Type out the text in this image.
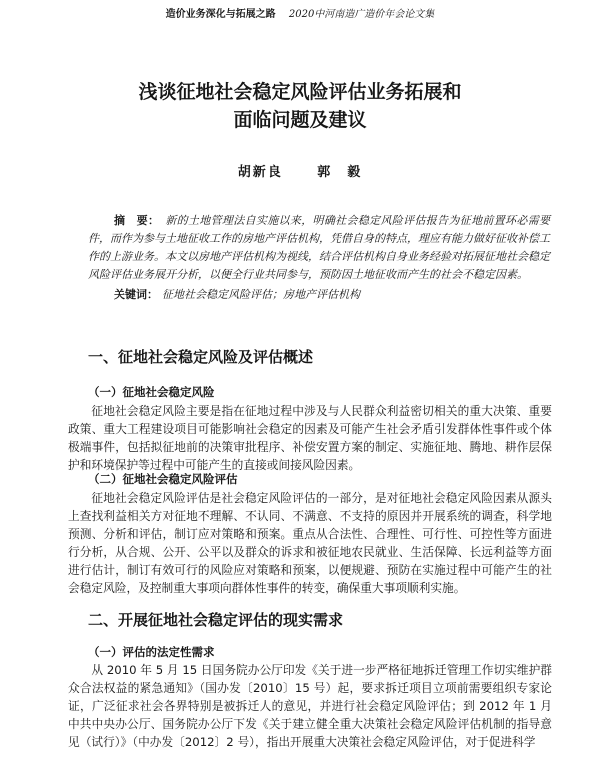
造价业务深化与拓展之路 2020中河南造广造价年会论文集
浅谈征地社会稳定风险评估业务拓展和
面临问题及建议
胡新良	郭　毅
摘　要： 新的土地管理法自实施以来，明确社会稳定风险评估报告为征地前置环必需要件，而作为参与土地征收工作的房地产评估机构，凭借自身的特点，理应有能力做好征收补偿工作的上游业务。本文以房地产评估机构为视线，结合评估机构自身业务经验对拓展征地社会稳定风险评估业务展开分析，以便全行业共同参与，预防因土地征收而产生的社会不稳定因素。
关键词： 征地社会稳定风险评估；房地产评估机构
一、征地社会稳定风险及评估概述
（一）征地社会稳定风险
征地社会稳定风险主要是指在征地过程中涉及与人民群众利益密切相关的重大决策、重要政策、重大工程建设项目可能影响社会稳定的因素及可能产生社会矛盾引发群体性事件或个体极端事件，包括拟征地前的决策审批程序、补偿安置方案的制定、实施征地、腾地、耕作层保护和环境保护等过程中可能产生的直接或间接风险因素。
（二）征地社会稳定风险评估
征地社会稳定风险评估是社会稳定风险评估的一部分，是对征地社会稳定风险因素从源头上查找利益相关方对征地不理解、不认同、不满意、不支持的原因并开展系统的调查，科学地预测、分析和评估，制订应对策略和预案。重点从合法性、合理性、可行性、可控性等方面进行分析，从合规、公开、公平以及群众的诉求和被征地农民就业、生活保障、长远利益等方面进行估计，制订有效可行的风险应对策略和预案，以便规避、预防在实施过程中可能产生的社会稳定风险，及控制重大事项向群体性事件的转变，确保重大事项顺利实施。
二、开展征地社会稳定评估的现实需求
（一）评估的法定性需求
从 2010 年 5 月 15 日国务院办公厅印发《关于进一步严格征地拆迁管理工作切实维护群众合法权益的紧急通知》（国办发〔2010〕15 号）起，要求拆迁项目立项前需要组织专家论证，广泛征求社会各界特别是被拆迁人的意见，并进行社会稳定风险评估；到 2012 年 1 月中共中央办公厅、国务院办公厅下发《关于建立健全重大决策社会稳定风险评估机制的指导意见（试行）》（中办发〔2012〕2 号），指出开展重大决策社会稳定风险评估，对于促进科学
